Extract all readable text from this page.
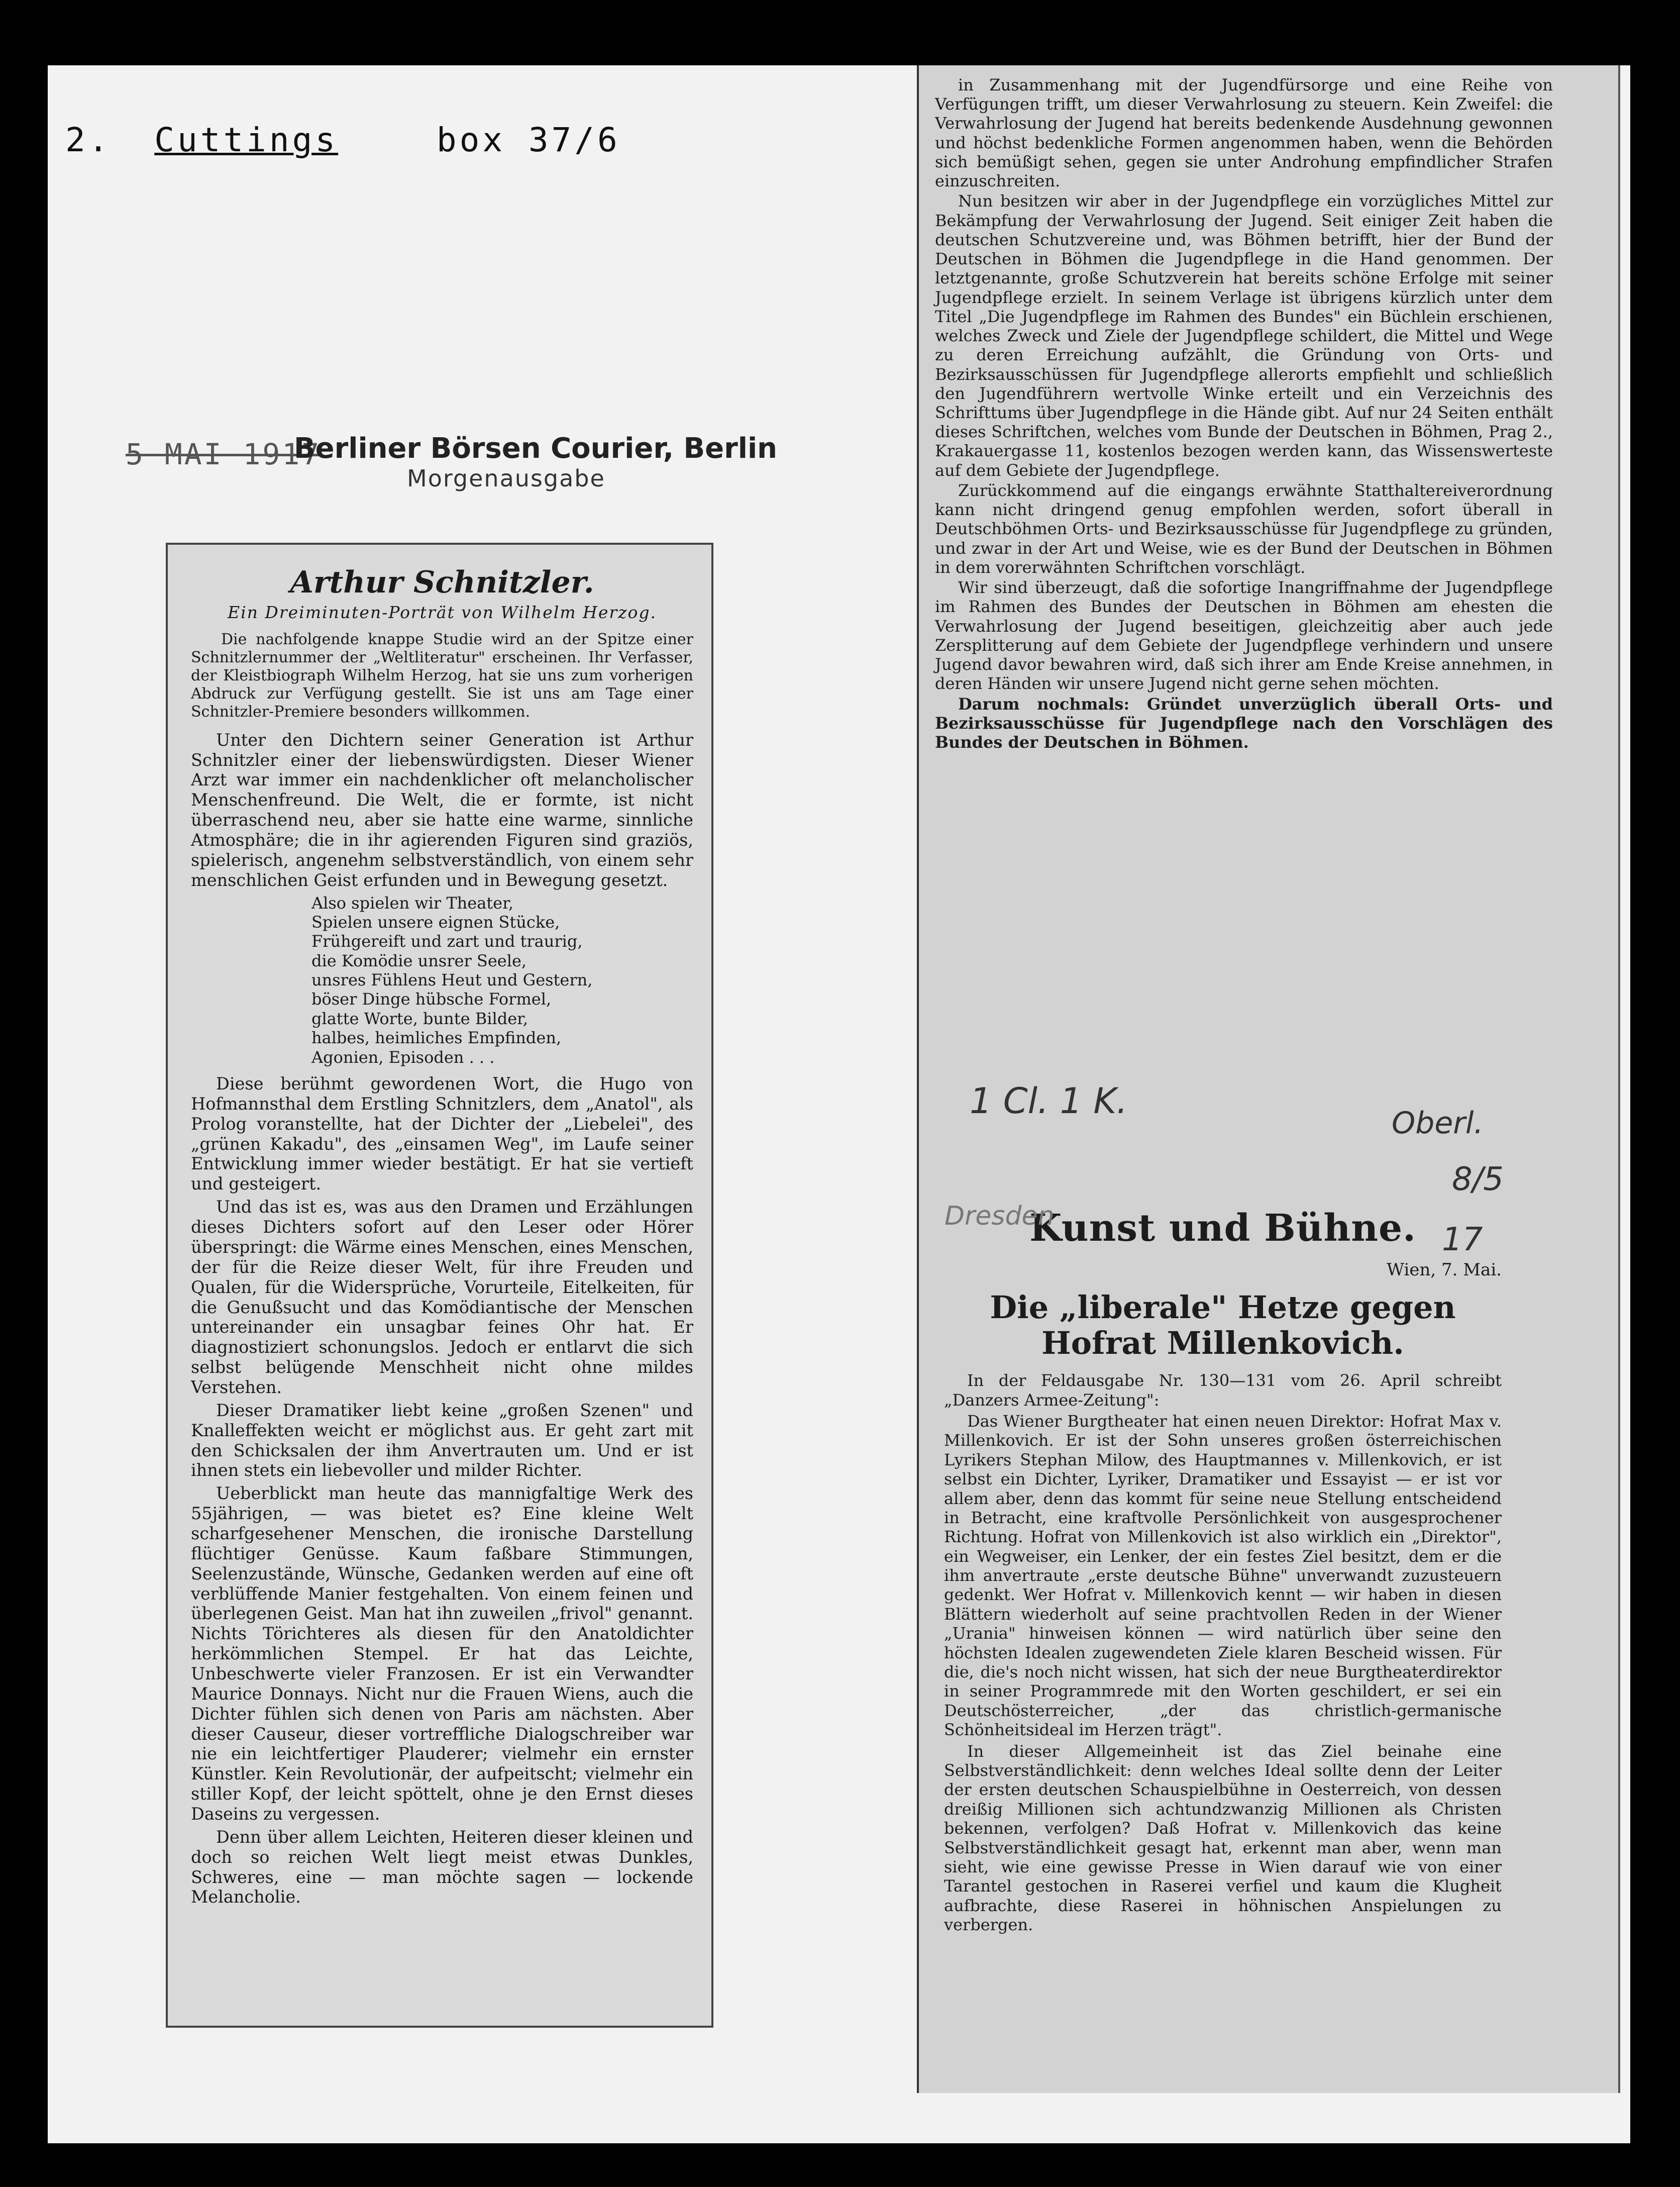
2. Cuttings	box 37/6
5 MAI 1917
Berliner Börsen Courier, Berlin
Morgenausgabe
Arthur Schnitzler.
Ein Dreiminuten-Porträt von Wilhelm Herzog.

Die nachfolgende knappe Studie wird an der Spitze einer Schnitzlernummer der „Weltliteratur" erscheinen. Ihr Verfasser, der Kleistbiograph Wilhelm Herzog, hat sie uns zum vorherigen Abdruck zur Verfügung gestellt. Sie ist uns am Tage einer Schnitzler-Premiere besonders willkommen.

Unter den Dichtern seiner Generation ist Arthur Schnitzler einer der liebenswürdigsten. Dieser Wiener Arzt war immer ein nachdenklicher oft melancholischer Menschenfreund. Die Welt, die er formte, ist nicht überraschend neu, aber sie hatte eine warme, sinnliche Atmosphäre; die in ihr agierenden Figuren sind graziös, spielerisch, angenehm selbstverständlich, von einem sehr menschlichen Geist erfunden und in Bewegung gesetzt.

Also spielen wir Theater,
Spielen unsere eignen Stücke,
Frühgereift und zart und traurig,
die Komödie unsrer Seele,
unsres Fühlens Heut und Gestern,
böser Dinge hübsche Formel,
glatte Worte, bunte Bilder,
halbes, heimliches Empfinden,
Agonien, Episoden . . .

Diese berühmt gewordenen Wort, die Hugo von Hofmannsthal dem Erstling Schnitzlers, dem „Anatol", als Prolog voranstellte, hat der Dichter der „Liebelei", des „grünen Kakadu", des „einsamen Weg", im Laufe seiner Entwicklung immer wieder bestätigt. Er hat sie vertieft und gesteigert.

Und das ist es, was aus den Dramen und Erzählungen dieses Dichters sofort auf den Leser oder Hörer überspringt: die Wärme eines Menschen, eines Menschen, der für die Reize dieser Welt, für ihre Freuden und Qualen, für die Widersprüche, Vorurteile, Eitelkeiten, für die Genußsucht und das Komödiantische der Menschen untereinander ein unsagbar feines Ohr hat. Er diagnostiziert schonungslos. Jedoch er entlarvt die sich selbst belügende Menschheit nicht ohne mildes Verstehen.

Dieser Dramatiker liebt keine „großen Szenen" und Knalleffekten weicht er möglichst aus. Er geht zart mit den Schicksalen der ihm Anvertrauten um. Und er ist ihnen stets ein liebevoller und milder Richter.

Ueberblickt man heute das mannigfaltige Werk des 55jährigen, — was bietet es? Eine kleine Welt scharfgesehener Menschen, die ironische Darstellung flüchtiger Genüsse. Kaum faßbare Stimmungen, Seelenzustände, Wünsche, Gedanken werden auf eine oft verblüffende Manier festgehalten. Von einem feinen und überlegenen Geist. Man hat ihn zuweilen „frivol" genannt. Nichts Törichteres als diesen für den Anatoldichter herkömmlichen Stempel. Er hat das Leichte, Unbeschwerte vieler Franzosen. Er ist ein Verwandter Maurice Donnays. Nicht nur die Frauen Wiens, auch die Dichter fühlen sich denen von Paris am nächsten. Aber dieser Causeur, dieser vortreffliche Dialogschreiber war nie ein leichtfertiger Plauderer; vielmehr ein ernster Künstler. Kein Revolutionär, der aufpeitscht; vielmehr ein stiller Kopf, der leicht spöttelt, ohne je den Ernst dieses Daseins zu vergessen.

Denn über allem Leichten, Heiteren dieser kleinen und doch so reichen Welt liegt meist etwas Dunkles, Schweres, eine — man möchte sagen — lockende Melancholie.

in Zusammenhang mit der Jugendfürsorge und eine Reihe von Verfügungen trifft, um dieser Verwahrlosung zu steuern. Kein Zweifel: die Verwahrlosung der Jugend hat bereits bedenkende Ausdehnung gewonnen und höchst bedenkliche Formen angenommen haben, wenn die Behörden sich bemüßigt sehen, gegen sie unter Androhung empfindlicher Strafen einzuschreiten.

Nun besitzen wir aber in der Jugendpflege ein vorzügliches Mittel zur Bekämpfung der Verwahrlosung der Jugend. Seit einiger Zeit haben die deutschen Schutzvereine und, was Böhmen betrifft, hier der Bund der Deutschen in Böhmen die Jugendpflege in die Hand genommen. Der letztgenannte, große Schutzverein hat bereits schöne Erfolge mit seiner Jugendpflege erzielt. In seinem Verlage ist übrigens kürzlich unter dem Titel „Die Jugendpflege im Rahmen des Bundes" ein Büchlein erschienen, welches Zweck und Ziele der Jugendpflege schildert, die Mittel und Wege zu deren Erreichung aufzählt, die Gründung von Orts- und Bezirksausschüssen für Jugendpflege allerorts empfiehlt und schließlich den Jugendführern wertvolle Winke erteilt und ein Verzeichnis des Schrifttums über Jugendpflege in die Hände gibt. Auf nur 24 Seiten enthält dieses Schriftchen, welches vom Bunde der Deutschen in Böhmen, Prag 2., Krakauergasse 11, kostenlos bezogen werden kann, das Wissenswerteste auf dem Gebiete der Jugendpflege.

Zurückkommend auf die eingangs erwähnte Statthaltereiverordnung kann nicht dringend genug empfohlen werden, sofort überall in Deutschböhmen Orts- und Bezirksausschüsse für Jugendpflege zu gründen, und zwar in der Art und Weise, wie es der Bund der Deutschen in Böhmen in dem vorerwähnten Schriftchen vorschlägt.

Wir sind überzeugt, daß die sofortige Inangriffnahme der Jugendpflege im Rahmen des Bundes der Deutschen in Böhmen am ehesten die Verwahrlosung der Jugend beseitigen, gleichzeitig aber auch jede Zersplitterung auf dem Gebiete der Jugendpflege verhindern und unsere Jugend davor bewahren wird, daß sich ihrer am Ende Kreise annehmen, in deren Händen wir unsere Jugend nicht gerne sehen möchten.

Darum nochmals: Gründet unverzüglich überall Orts- und Bezirksausschüsse für Jugendpflege nach den Vorschlägen des Bundes der Deutschen in Böhmen.

Kunst und Bühne.
Wien, 7. Mai.
Die „liberale" Hetze gegen Hofrat Millenkovich.

In der Feldausgabe Nr. 130—131 vom 26. April schreibt „Danzers Armee-Zeitung":

Das Wiener Burgtheater hat einen neuen Direktor: Hofrat Max v. Millenkovich. Er ist der Sohn unseres großen österreichischen Lyrikers Stephan Milow, des Hauptmannes v. Millenkovich, er ist selbst ein Dichter, Lyriker, Dramatiker und Essayist — er ist vor allem aber, denn das kommt für seine neue Stellung entscheidend in Betracht, eine kraftvolle Persönlichkeit von ausgesprochener Richtung. Hofrat von Millenkovich ist also wirklich ein „Direktor", ein Wegweiser, ein Lenker, der ein festes Ziel besitzt, dem er die ihm anvertraute „erste deutsche Bühne" unverwandt zuzusteuern gedenkt. Wer Hofrat v. Millenkovich kennt — wir haben in diesen Blättern wiederholt auf seine prachtvollen Reden in der Wiener „Urania" hinweisen können — wird natürlich über seine den höchsten Idealen zugewendeten Ziele klaren Bescheid wissen. Für die, die's noch nicht wissen, hat sich der neue Burgtheaterdirektor in seiner Programmrede mit den Worten geschildert, er sei ein Deutschösterreicher, „der das christlich-germanische Schönheitsideal im Herzen trägt".

In dieser Allgemeinheit ist das Ziel beinahe eine Selbstverständlichkeit: denn welches Ideal sollte denn der Leiter der ersten deutschen Schauspielbühne in Oesterreich, von dessen dreißig Millionen sich achtundzwanzig Millionen als Christen bekennen, verfolgen? Daß Hofrat v. Millenkovich das keine Selbstverständlichkeit gesagt hat, erkennt man aber, wenn man sieht, wie eine gewisse Presse in Wien darauf wie von einer Tarantel gestochen in Raserei verfiel und kaum die Klugheit aufbrachte, diese Raserei in höhnischen Anspielungen zu verbergen.

1 Cl. 1 K.
Oberl.
8/5
17
Dresden
